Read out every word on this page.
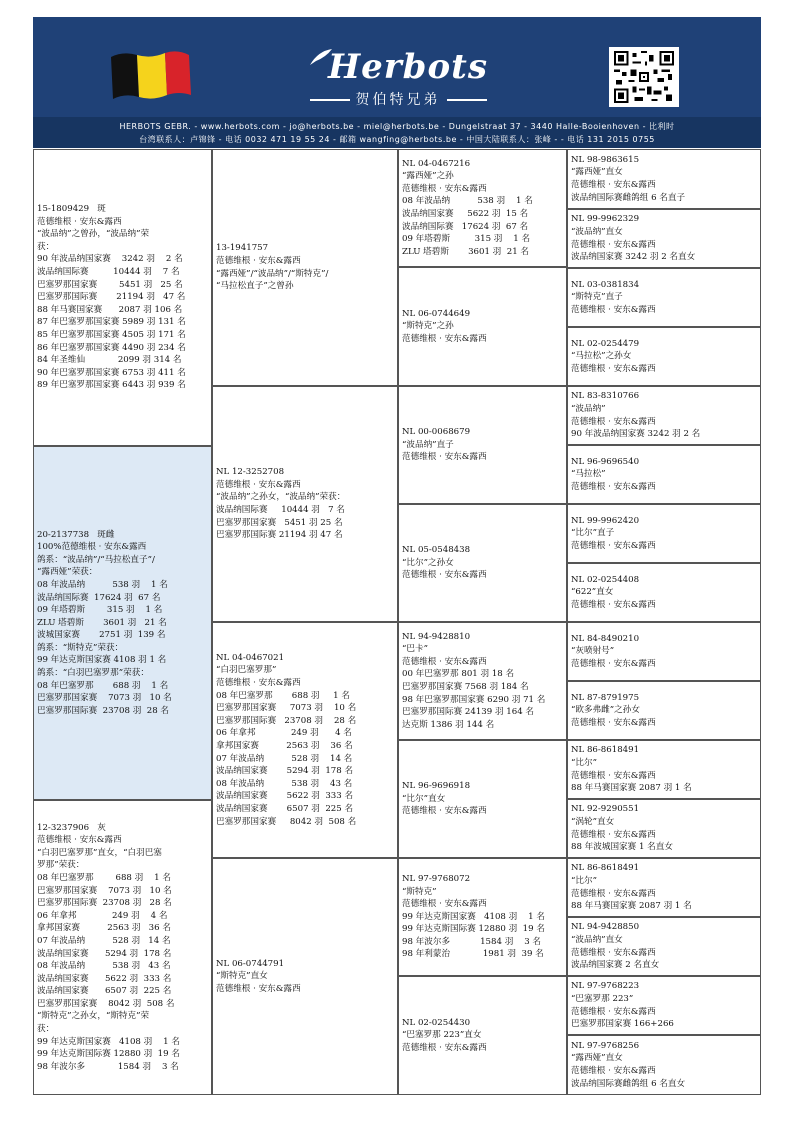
Herbots
贺伯特兄弟
HERBOTS GEBR. - www.herbots.com - jo@herbots.be - miel@herbots.be - Dungelstraat 37 - 3440 Halle-Booienhoven - 比利时
台湾联系人：卢锦锋 - 电话 0032 471 19 55 24 - 邮箱 wangfing@herbots.be - 中国大陆联系人：张峰 - - 电话 131 2015 0755
15-1809429   斑
范德维根 · 安东&露西
“波品纳”之曾孙，“波品纳”荣
获：
90 年波品纳国家赛    3242 羽    2 名
波品纳国际赛         10444 羽    7 名
巴塞罗那国家赛        5451 羽   25 名
巴塞罗那国际赛       21194 羽   47 名
88 年马赛国家赛      2087 羽 106 名
87 年巴塞罗那国家赛 5989 羽 131 名
85 年巴塞罗那国家赛 4505 羽 171 名
86 年巴塞罗那国家赛 4490 羽 234 名
84 年圣维仙            2099 羽 314 名
90 年巴塞罗那国家赛 6753 羽 411 名
89 年巴塞罗那国家赛 6443 羽 939 名
20-2137738   斑雌
100%范德维根 · 安东&露西
鸽系：“波品纳”/“马拉松直子”/
“露西娅”荣获：
08 年波品纳          538 羽    1 名
波品纳国际赛  17624 羽  67 名
09 年塔碧斯        315 羽    1 名
ZLU 塔碧斯       3601 羽   21 名
波城国家赛       2751 羽  139 名
鸽系：“斯特克”荣获：
99 年达克斯国家赛 4108 羽 1 名
鸽系：“白羽巴塞罗那”荣获：
08 年巴塞罗那       688 羽    1 名
巴塞罗那国家赛    7073 羽   10 名
巴塞罗那国际赛  23708 羽  28 名
12-3237906   灰
范德维根 · 安东&露西
“白羽巴塞罗那”直女，“白羽巴塞
罗那”荣获：
08 年巴塞罗那        688 羽    1 名
巴塞罗那国家赛    7073 羽   10 名
巴塞罗那国际赛  23708 羽   28 名
06 年拿邦             249 羽    4 名
拿邦国家赛          2563 羽   36 名
07 年波品纳          528 羽   14 名
波品纳国家赛      5294 羽  178 名
08 年波品纳          538 羽   43 名
波品纳国家赛      5622 羽  333 名
波品纳国家赛      6507 羽  225 名
巴塞罗那国家赛    8042 羽  508 名
“斯特克”之孙女，“斯特克”荣
获：
99 年达克斯国家赛   4108 羽    1 名
99 年达克斯国际赛 12880 羽  19 名
98 年波尔多            1584 羽    3 名
13-1941757
范德维根 · 安东&露西
“露西娅”/“波品纳”/“斯特克”/
“马拉松直子”之曾孙
NL 12-3252708
范德维根 · 安东&露西
“波品纳”之孙女，“波品纳”荣获：
波品纳国际赛     10444 羽   7 名
巴塞罗那国家赛   5451 羽 25 名
巴塞罗那国际赛 21194 羽 47 名
NL 04-0467021
“白羽巴塞罗那”
范德维根 · 安东&露西
08 年巴塞罗那       688 羽     1 名
巴塞罗那国家赛     7073 羽    10 名
巴塞罗那国际赛   23708 羽    28 名
06 年拿邦             249 羽      4 名
拿邦国家赛          2563 羽    36 名
07 年波品纳          528 羽    14 名
波品纳国家赛       5294 羽  178 名
08 年波品纳          538 羽    43 名
波品纳国家赛       5622 羽  333 名
波品纳国家赛       6507 羽  225 名
巴塞罗那国家赛     8042 羽  508 名
NL 06-0744791
“斯特克”直女
范德维根 · 安东&露西
NL 04-0467216
“露西娅”之孙
范德维根 · 安东&露西
08 年波品纳          538 羽    1 名
波品纳国家赛     5622 羽  15 名
波品纳国际赛   17624 羽  67 名
09 年塔碧斯         315 羽    1 名
ZLU 塔碧斯       3601 羽  21 名
NL 06-0744649
“斯特克”之孙
范德维根 · 安东&露西
NL 00-0068679
“波品纳”直子
范德维根 · 安东&露西
NL 05-0548438
“比尔”之孙女
范德维根 · 安东&露西
NL 94-9428810
“巴卡”
范德维根 · 安东&露西
00 年巴塞罗那 801 羽 18 名
巴塞罗那国家赛 7568 羽 184 名
98 年巴塞罗那国家赛 6290 羽 71 名
巴塞罗那国际赛 24139 羽 164 名
达克斯 1386 羽 144 名
NL 96-9696918
“比尔”直女
范德维根 · 安东&露西
NL 97-9768072
“斯特克”
范德维根 · 安东&露西
99 年达克斯国家赛   4108 羽    1 名
99 年达克斯国际赛 12880 羽  19 名
98 年波尔多           1584 羽    3 名
98 年利蒙治            1981 羽  39 名
NL 02-0254430
“巴塞罗那 223”直女
范德维根 · 安东&露西
NL 98-9863615
“露西娅”直女
范德维根 · 安东&露西
波品纳国际赛雌鸽组 6 名直子
NL 99-9962329
“波品纳”直女
范德维根 · 安东&露西
波品纳国家赛 3242 羽 2 名直女
NL 03-0381834
“斯特克”直子
范德维根 · 安东&露西
NL 02-0254479
“马拉松”之孙女
范德维根 · 安东&露西
NL 83-8310766
“波品纳”
范德维根 · 安东&露西
90 年波品纳国家赛 3242 羽 2 名
NL 96-9696540
“马拉松”
范德维根 · 安东&露西
NL 99-9962420
“比尔”直子
范德维根 · 安东&露西
NL 02-0254408
“622”直女
范德维根 · 安东&露西
NL 84-8490210
“灰喷射号”
范德维根 · 安东&露西
NL 87-8791975
“欧多弗雌”之孙女
范德维根 · 安东&露西
NL 86-8618491
“比尔”
范德维根 · 安东&露西
88 年马赛国家赛 2087 羽 1 名
NL 92-9290551
“涡轮”直女
范德维根 · 安东&露西
88 年波城国家赛 1 名直女
NL 86-8618491
“比尔”
范德维根 · 安东&露西
88 年马赛国家赛 2087 羽 1 名
NL 94-9428850
“波品纳”直女
范德维根 · 安东&露西
波品纳国家赛 2 名直女
NL 97-9768223
“巴塞罗那 223”
范德维根 · 安东&露西
巴塞罗那国家赛 166+266
NL 97-9768256
“露西娅”直女
范德维根 · 安东&露西
波品纳国际赛雌鸽组 6 名直女
